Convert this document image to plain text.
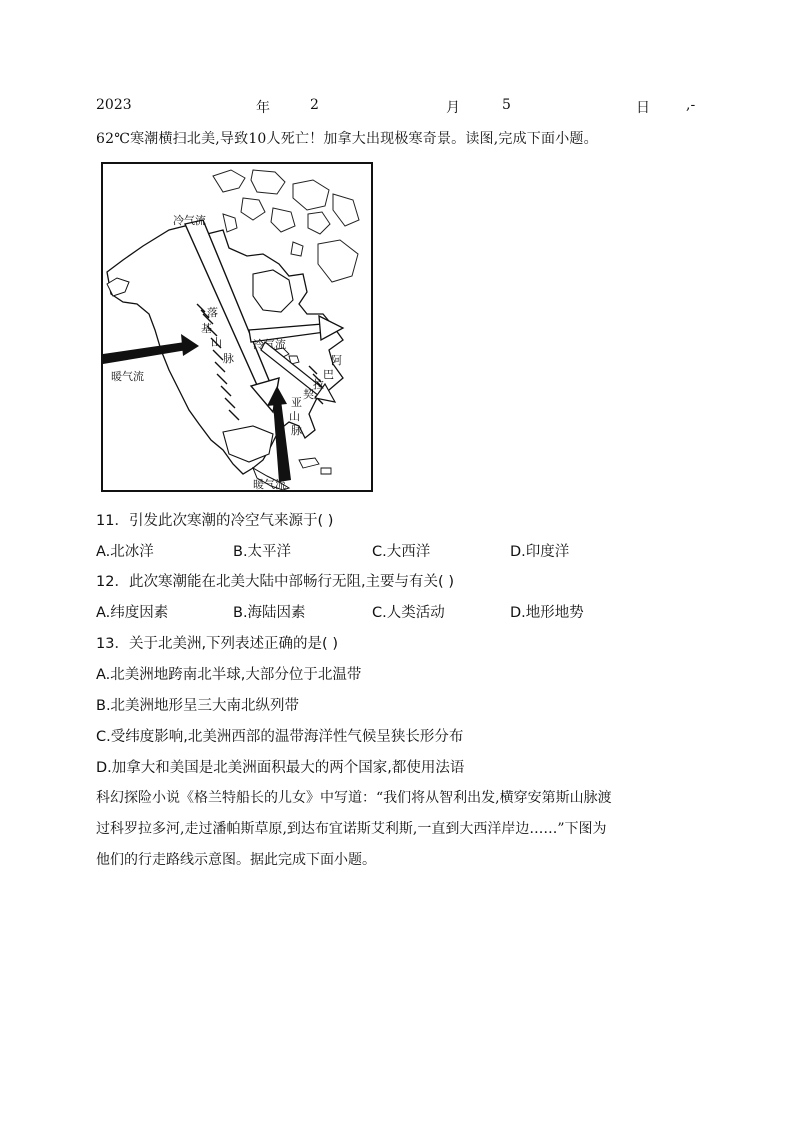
2023	年	2	月	5	日	,-
62℃寒潮横扫北美,导致10人死亡！加拿大出现极寒奇景。读图,完成下面小题。
冷气流
冷气流
暖气流
暖气流
落
基
山
脉	阿
巴
拉
契
亚
山
脉
11．引发此次寒潮的冷空气来源于( )
A.北冰洋	B.太平洋	C.大西洋	D.印度洋
12．此次寒潮能在北美大陆中部畅行无阻,主要与有关( )
A.纬度因素	B.海陆因素	C.人类活动	D.地形地势
13．关于北美洲,下列表述正确的是( )
A.北美洲地跨南北半球,大部分位于北温带
B.北美洲地形呈三大南北纵列带
C.受纬度影响,北美洲西部的温带海洋性气候呈狭长形分布
D.加拿大和美国是北美洲面积最大的两个国家,都使用法语
科幻探险小说《格兰特船长的儿女》中写道：“我们将从智利出发,横穿安第斯山脉渡
过科罗拉多河,走过潘帕斯草原,到达布宜诺斯艾利斯,一直到大西洋岸边……”下图为
他们的行走路线示意图。据此完成下面小题。
